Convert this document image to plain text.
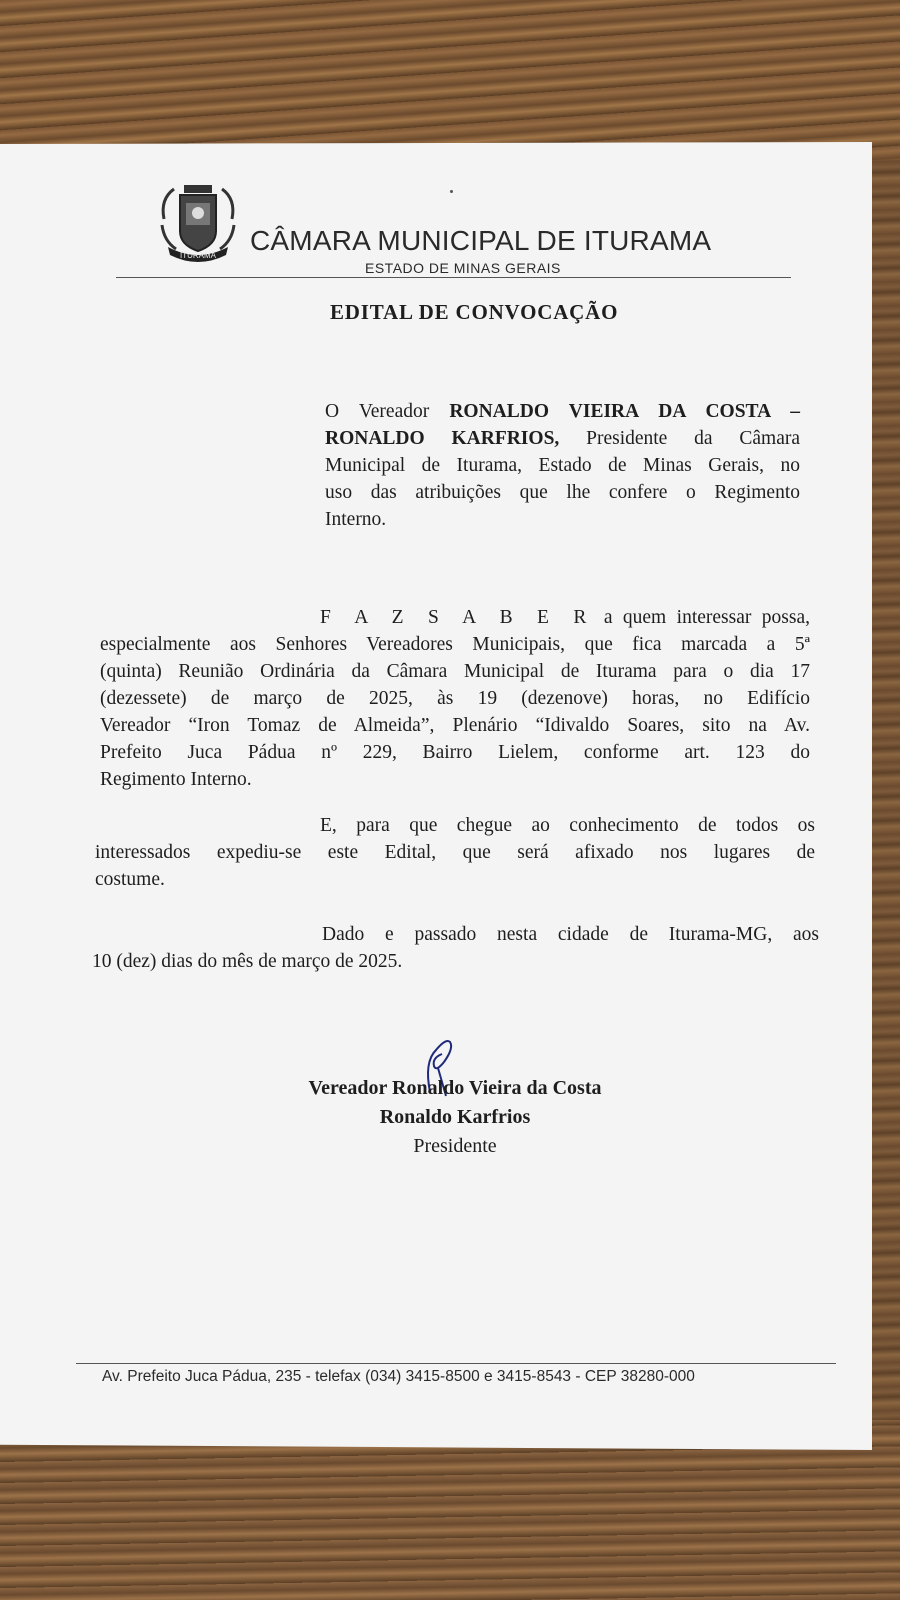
ITURAMA CÂMARA MUNICIPAL DE ITURAMA
ESTADO DE MINAS GERAIS
EDITAL DE CONVOCAÇÃO
O Vereador RONALDO VIEIRA DA COSTA –
RONALDO KARFRIOS, Presidente da Câmara
Municipal de Iturama, Estado de Minas Gerais, no
uso das atribuições que lhe confere o Regimento
Interno.
F A Z S A B E R a quem interessar possa,
especialmente aos Senhores Vereadores Municipais, que fica marcada a 5ª
(quinta) Reunião Ordinária da Câmara Municipal de Iturama para o dia 17
(dezessete) de março de 2025, às 19 (dezenove) horas, no Edifício
Vereador “Iron Tomaz de Almeida”, Plenário “Idivaldo Soares, sito na Av.
Prefeito Juca Pádua nº 229, Bairro Lielem, conforme art. 123 do
Regimento Interno.
E, para que chegue ao conhecimento de todos os
interessados expediu-se este Edital, que será afixado nos lugares de
costume.
Dado e passado nesta cidade de Iturama-MG, aos
10 (dez) dias do mês de março de 2025.
Vereador Ronaldo Vieira da Costa
Ronaldo Karfrios
Presidente
Av. Prefeito Juca Pádua, 235 - telefax (034) 3415-8500 e 3415-8543 - CEP 38280-000
